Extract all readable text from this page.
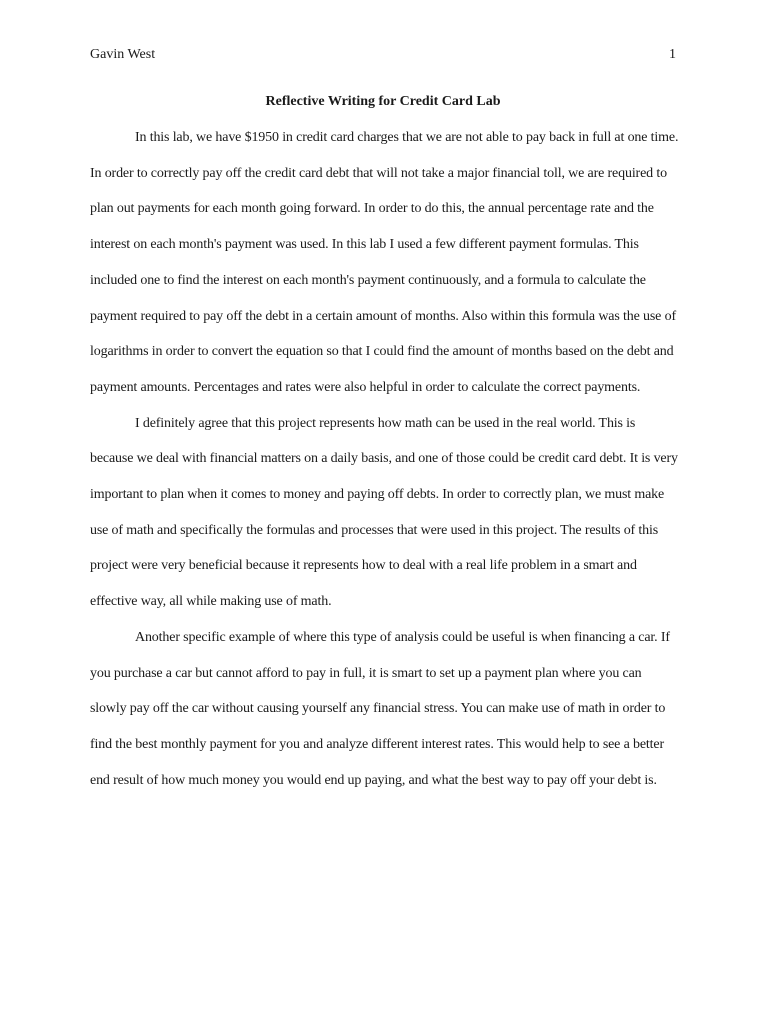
Gavin West	1
Reflective Writing for Credit Card Lab

In this lab, we have $1950 in credit card charges that we are not able to pay back in full at one time. In order to correctly pay off the credit card debt that will not take a major financial toll, we are required to plan out payments for each month going forward. In order to do this, the annual percentage rate and the interest on each month's payment was used. In this lab I used a few different payment formulas. This included one to find the interest on each month's payment continuously, and a formula to calculate the payment required to pay off the debt in a certain amount of months. Also within this formula was the use of logarithms in order to convert the equation so that I could find the amount of months based on the debt and payment amounts. Percentages and rates were also helpful in order to calculate the correct payments.

I definitely agree that this project represents how math can be used in the real world. This is because we deal with financial matters on a daily basis, and one of those could be credit card debt. It is very important to plan when it comes to money and paying off debts. In order to correctly plan, we must make use of math and specifically the formulas and processes that were used in this project. The results of this project were very beneficial because it represents how to deal with a real life problem in a smart and effective way, all while making use of math.

Another specific example of where this type of analysis could be useful is when financing a car. If you purchase a car but cannot afford to pay in full, it is smart to set up a payment plan where you can slowly pay off the car without causing yourself any financial stress. You can make use of math in order to find the best monthly payment for you and analyze different interest rates. This would help to see a better end result of how much money you would end up paying, and what the best way to pay off your debt is.
